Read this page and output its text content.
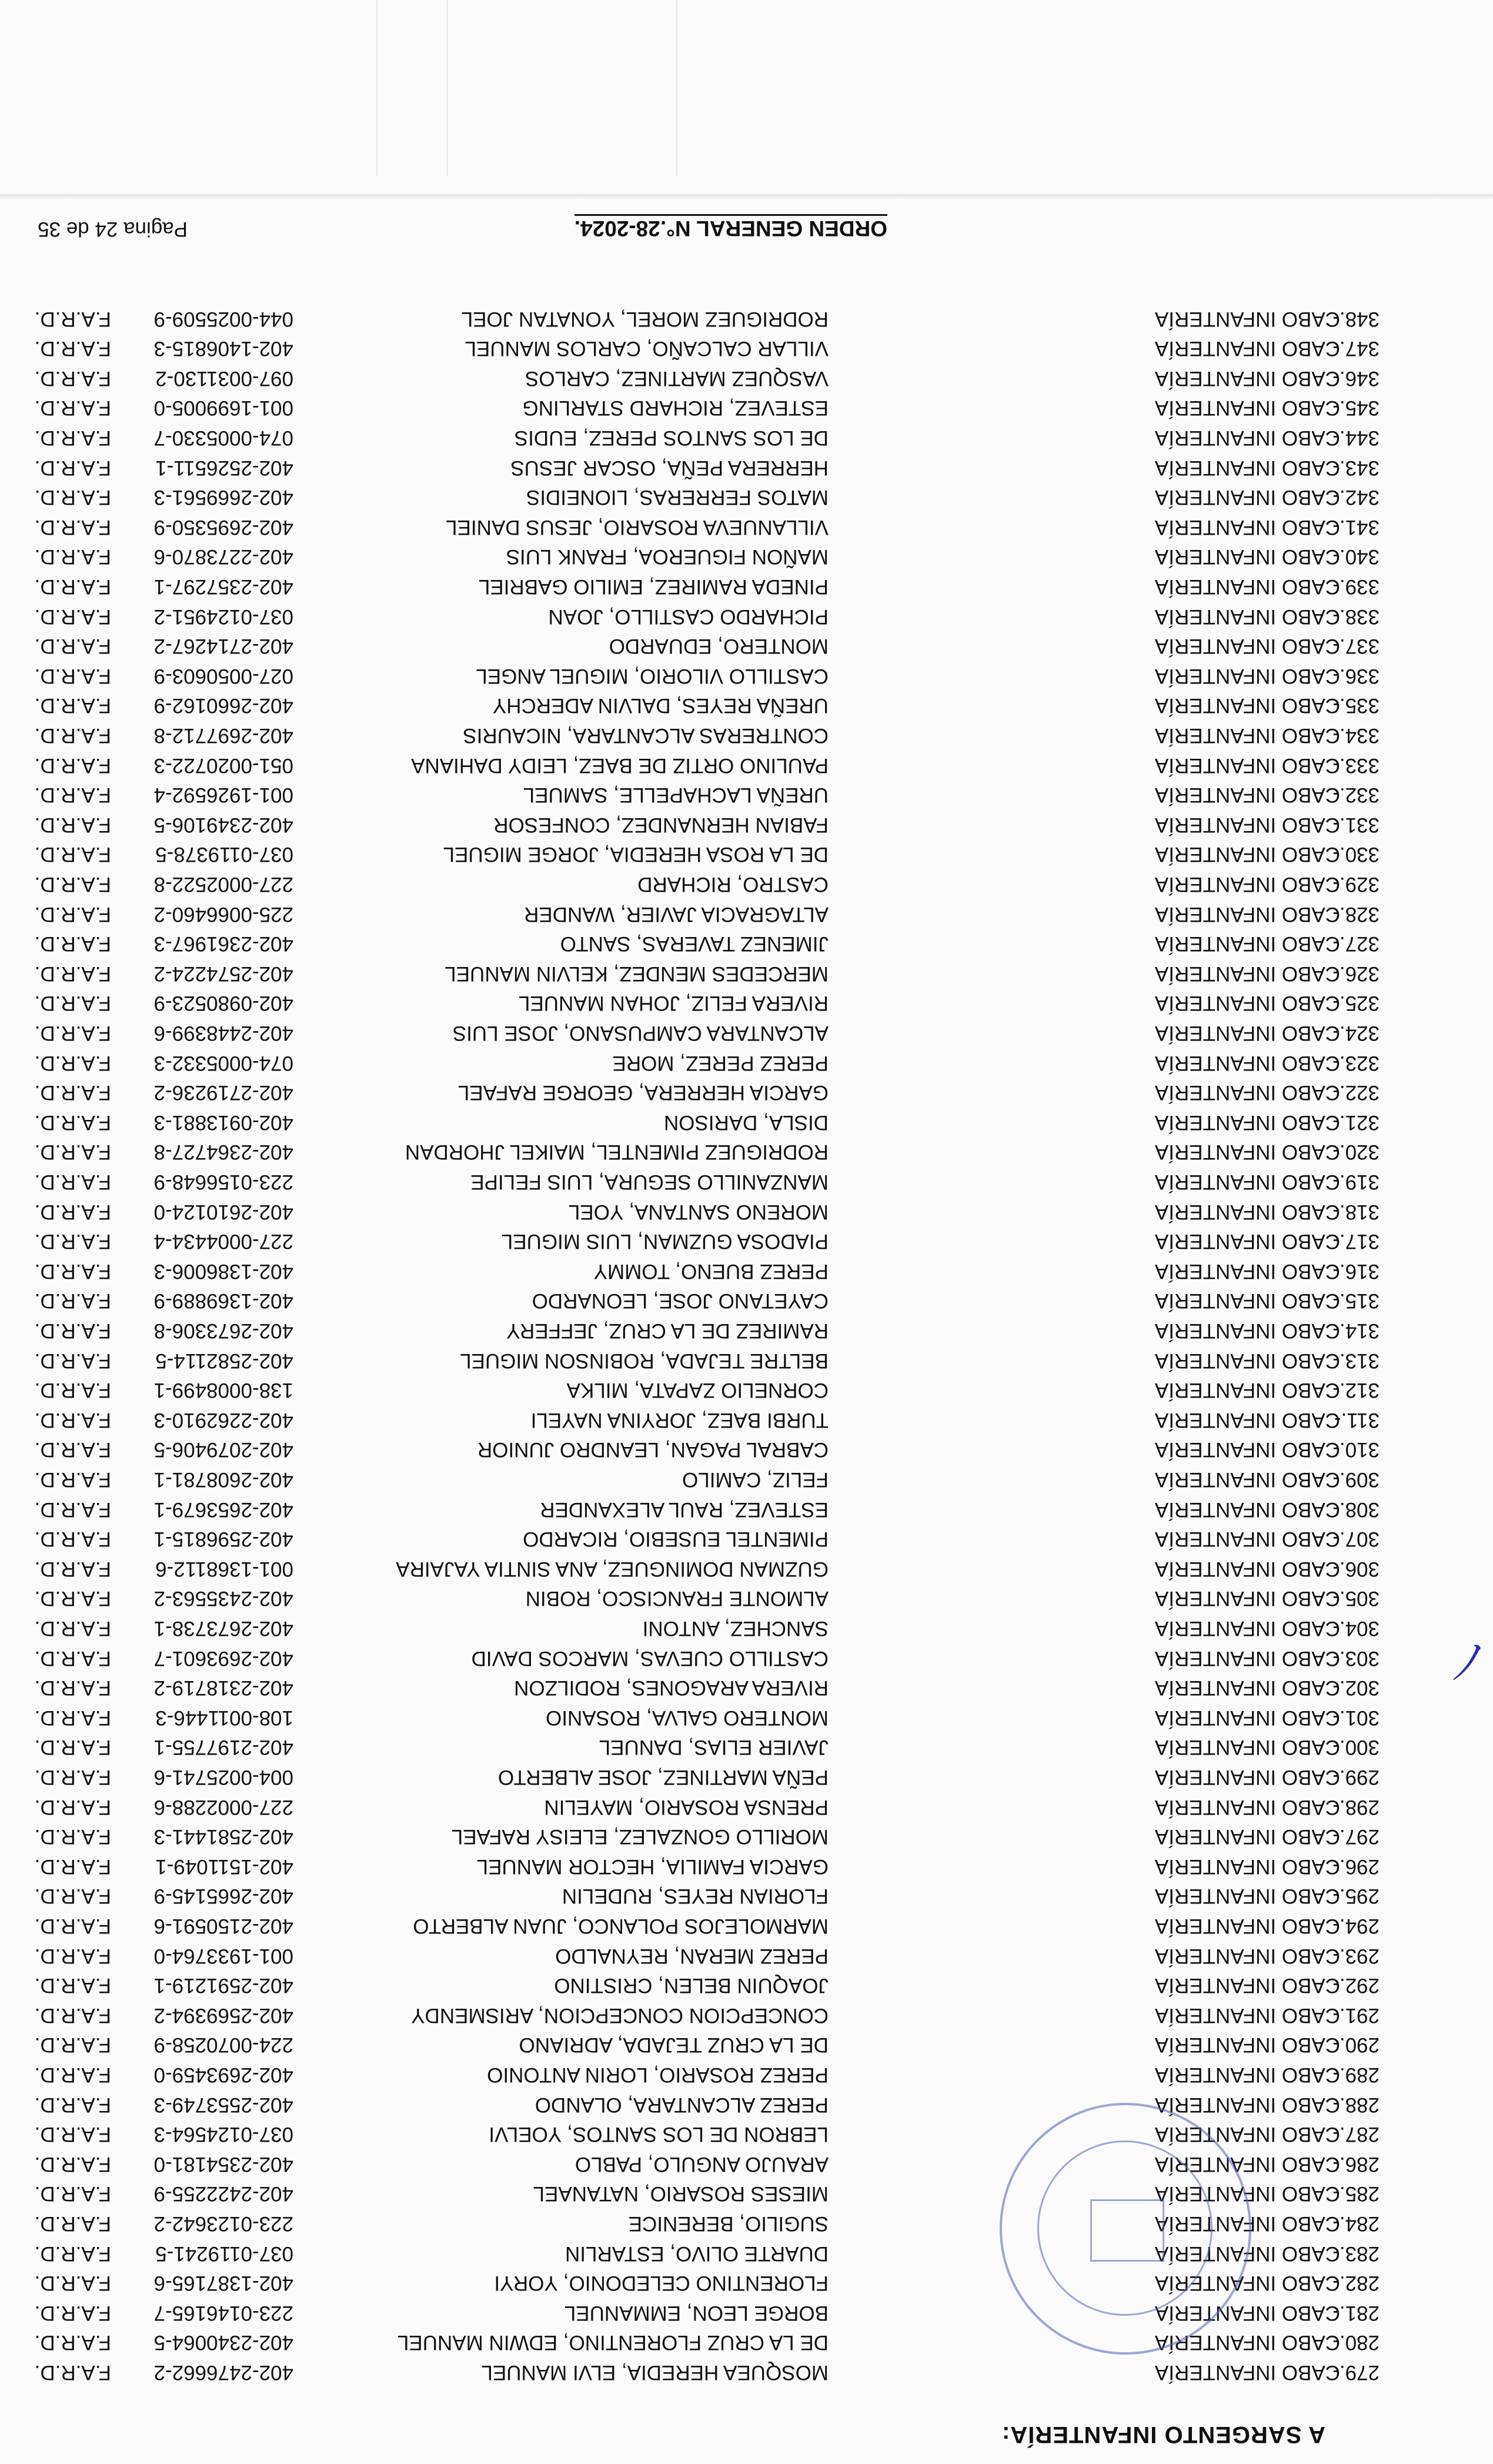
A SARGENTO INFANTERÍA:
279.-
CABO INFANTERÍA
MOSQUEA HEREDIA, ELVI MANUEL
402-2476662-2
F.A.R.D.
280.-
CABO INFANTERÍA
DE LA CRUZ FLORENTINO, EDWIN MANUEL
402-2340064-5
F.A.R.D.
281.-
CABO INFANTERÍA
BORGE LEON, EMMANUEL
223-0146165-7
F.A.R.D.
282.-
CABO INFANTERÍA
FLORENTINO CELEDONIO, YORYI
402-1387165-6
F.A.R.D.
283.-
CABO INFANTERÍA
DUARTE OLIVO, ESTARLIN
037-0119241-5
F.A.R.D.
284.-
CABO INFANTERÍA
SUGILIO, BERENICE
223-0123642-2
F.A.R.D.
285.-
CABO INFANTERÍA
MIESES ROSARIO, NATANAEL
402-2422255-9
F.A.R.D.
286.-
CABO INFANTERÍA
ARAUJO ANGULO, PABLO
402-2354181-0
F.A.R.D.
287.-
CABO INFANTERÍA
LEBRON DE LOS SANTOS, YOELVI
037-0124564-3
F.A.R.D.
288.-
CABO INFANTERÍA
PEREZ ALCANTARA, OLANDO
402-2553749-3
F.A.R.D.
289.-
CABO INFANTERÍA
PEREZ ROSARIO, LORIN ANTONIO
402-2693459-0
F.A.R.D.
290.-
CABO INFANTERÍA
DE LA CRUZ TEJADA, ADRIANO
224-0070258-9
F.A.R.D.
291.-
CABO INFANTERÍA
CONCEPCION CONCEPCION, ARISMENDY
402-2569394-2
F.A.R.D.
292.-
CABO INFANTERÍA
JOAQUIN BELEN, CRISTINO
402-2591219-1
F.A.R.D.
293.-
CABO INFANTERÍA
PEREZ MERAN, REYNALDO
001-1933764-0
F.A.R.D.
294.-
CABO INFANTERÍA
MARMOLEJOS POLANCO, JUAN ALBERTO
402-2150591-6
F.A.R.D.
295.-
CABO INFANTERÍA
FLORIAN REYES, RUDELIN
402-2665145-9
F.A.R.D.
296.-
CABO INFANTERÍA
GARCIA FAMILIA, HECTOR MANUEL
402-1511049-1
F.A.R.D.
297.-
CABO INFANTERÍA
MORILLO GONZALEZ, ELEISY RAFAEL
402-2581441-3
F.A.R.D.
298.-
CABO INFANTERÍA
PRENSA ROSARIO, MAYELIN
227-0002288-6
F.A.R.D.
299.-
CABO INFANTERÍA
PEÑA MARTINEZ, JOSE ALBERTO
004-0025741-6
F.A.R.D.
300.-
CABO INFANTERÍA
JAVIER ELIAS, DANUEL
402-2197755-1
F.A.R.D.
301.-
CABO INFANTERÍA
MONTERO GALVA, ROSANIO
108-0011446-3
F.A.R.D.
302.-
CABO INFANTERÍA
RIVERA ARAGONES, RODILZON
402-2318719-2
F.A.R.D.
303.-
CABO INFANTERÍA
CASTILLO CUEVAS, MARCOS DAVID
402-2693601-7
F.A.R.D.
304.-
CABO INFANTERÍA
SANCHEZ, ANTONI
402-2673738-1
F.A.R.D.
305.-
CABO INFANTERÍA
ALMONTE FRANCISCO, ROBIN
402-2435563-2
F.A.R.D.
306.-
CABO INFANTERÍA
GUZMAN DOMINGUEZ, ANA SINTIA YAJAIRA
001-1368112-6
F.A.R.D.
307.-
CABO INFANTERÍA
PIMENTEL EUSEBIO, RICARDO
402-2596815-1
F.A.R.D.
308.-
CABO INFANTERÍA
ESTEVEZ, RAUL ALEXANDER
402-2653679-1
F.A.R.D.
309.-
CABO INFANTERÍA
FELIZ, CAMILO
402-2608781-1
F.A.R.D.
310.-
CABO INFANTERÍA
CABRAL PAGAN, LEANDRO JUNIOR
402-2079406-5
F.A.R.D.
311.-
CABO INFANTERÍA
TURBI BAEZ, JORYINA NAYELI
402-2262910-3
F.A.R.D.
312.-
CABO INFANTERÍA
CORNELIO ZAPATA, MILKA
138-0008499-1
F.A.R.D.
313.-
CABO INFANTERÍA
BELTRE TEJADA, ROBINSON MIGUEL
402-2582114-5
F.A.R.D.
314.-
CABO INFANTERÍA
RAMIREZ DE LA CRUZ, JEFFERY
402-2673306-8
F.A.R.D.
315.-
CABO INFANTERÍA
CAYETANO JOSE, LEONARDO
402-1369889-9
F.A.R.D.
316.-
CABO INFANTERÍA
PEREZ BUENO, TOMMY
402-1386006-3
F.A.R.D.
317.-
CABO INFANTERÍA
PIADOSA GUZMAN, LUIS MIGUEL
227-0004434-4
F.A.R.D.
318.-
CABO INFANTERÍA
MORENO SANTANA, YOEL
402-2610124-0
F.A.R.D.
319.-
CABO INFANTERÍA
MANZANILLO SEGURA, LUIS FELIPE
223-0156648-9
F.A.R.D.
320.-
CABO INFANTERÍA
RODRIGUEZ PIMENTEL, MAIKEL JHORDAN
402-2364727-8
F.A.R.D.
321.-
CABO INFANTERÍA
DISLA, DARISON
402-0913881-3
F.A.R.D.
322.-
CABO INFANTERÍA
GARCIA HERRERA, GEORGE RAFAEL
402-2719236-2
F.A.R.D.
323.-
CABO INFANTERÍA
PEREZ PEREZ, MORE
074-0005332-3
F.A.R.D.
324.-
CABO INFANTERÍA
ALCANTARA CAMPUSANO, JOSE LUIS
402-2448399-6
F.A.R.D.
325.-
CABO INFANTERÍA
RIVERA FELIZ, JOHAN MANUEL
402-0980523-9
F.A.R.D.
326.-
CABO INFANTERÍA
MERCEDES MENDEZ, KELVIN MANUEL
402-2574224-2
F.A.R.D.
327.-
CABO INFANTERÍA
JIMENEZ TAVERAS, SANTO
402-2361967-3
F.A.R.D.
328.-
CABO INFANTERÍA
ALTAGRACIA JAVIER, WANDER
225-0066460-2
F.A.R.D.
329.-
CABO INFANTERÍA
CASTRO, RICHARD
227-0002522-8
F.A.R.D.
330.-
CABO INFANTERÍA
DE LA ROSA HEREDIA, JORGE MIGUEL
037-0119378-5
F.A.R.D.
331.-
CABO INFANTERÍA
FABIAN HERNANDEZ, CONFESOR
402-2349106-5
F.A.R.D.
332.-
CABO INFANTERÍA
UREÑA LACHAPELLE, SAMUEL
001-1926592-4
F.A.R.D.
333.-
CABO INFANTERÍA
PAULINO ORTIZ DE BAEZ, LEIDY DAHIANA
051-0020722-3
F.A.R.D.
334.-
CABO INFANTERÍA
CONTRERAS ALCANTARA, NICAURIS
402-2697712-8
F.A.R.D.
335.-
CABO INFANTERÍA
UREÑA REYES, DALVIN ADERCHY
402-2660162-9
F.A.R.D.
336.-
CABO INFANTERÍA
CASTILLO VILORIO, MIGUEL ANGEL
027-0050603-9
F.A.R.D.
337.-
CABO INFANTERÍA
MONTERO, EDUARDO
402-2714267-2
F.A.R.D.
338.-
CABO INFANTERÍA
PICHARDO CASTILLO, JOAN
037-0124951-2
F.A.R.D.
339.-
CABO INFANTERÍA
PINEDA RAMIREZ, EMILIO GABRIEL
402-2357297-1
F.A.R.D.
340.-
CABO INFANTERÍA
MAÑON FIGUEROA, FRANK LUIS
402-2273870-6
F.A.R.D.
341.-
CABO INFANTERÍA
VILLANUEVA ROSARIO, JESUS DANIEL
402-2695350-9
F.A.R.D.
342.-
CABO INFANTERÍA
MATOS FERRERAS, LIONEIDIS
402-2669561-3
F.A.R.D.
343.-
CABO INFANTERÍA
HERRERA PEÑA, OSCAR JESUS
402-2526511-1
F.A.R.D.
344.-
CABO INFANTERÍA
DE LOS SANTOS PEREZ, EUDIS
074-0005330-7
F.A.R.D.
345.-
CABO INFANTERÍA
ESTEVEZ, RICHARD STARLING
001-1699005-0
F.A.R.D.
346.-
CABO INFANTERÍA
VASQUEZ MARTINEZ, CARLOS
097-0031130-2
F.A.R.D.
347.-
CABO INFANTERÍA
VILLAR CALCAÑO, CARLOS MANUEL
402-1406815-3
F.A.R.D.
348.-
CABO INFANTERÍA
RODRIGUEZ MOREL, YONATAN JOEL
044-0025509-9
F.A.R.D.
ORDEN GENERAL N°.28-2024.
Pagina 24 de 35
ﾉ
